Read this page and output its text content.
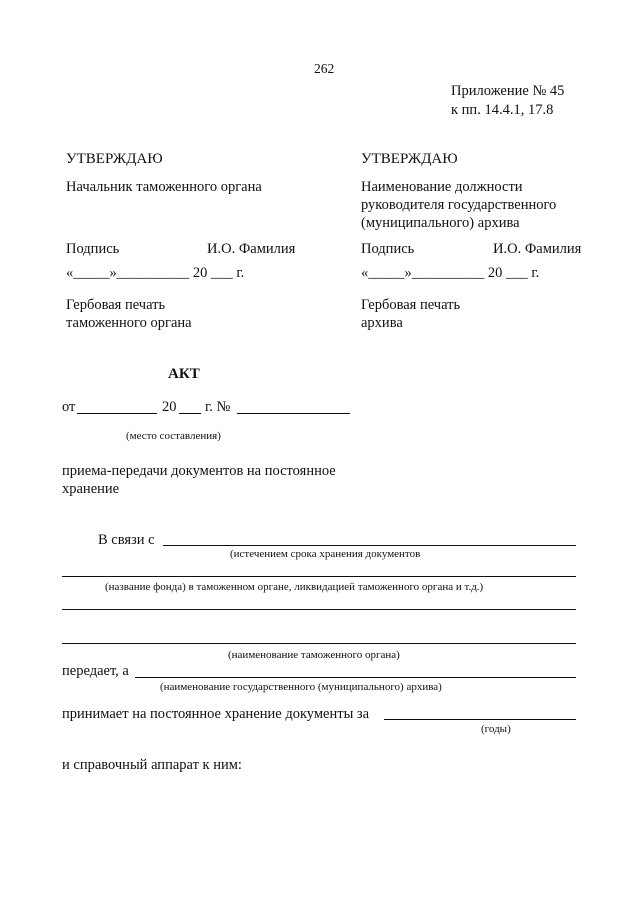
262
Приложение № 45
к пп. 14.4.1, 17.8
УТВЕРЖДАЮ
Начальник таможенного органа
Подпись	И.О. Фамилия
«_____»__________ 20 ___ г.
Гербовая печать
таможенного органа
УТВЕРЖДАЮ
Наименование должности
руководителя государственного
(муниципального) архива
Подпись	И.О. Фамилия
«_____»__________ 20 ___ г.
Гербовая печать
архива
АКТ
от	20 г. №
(место составления)
приема-передачи документов на постоянное
хранение
В связи с
(истечением срока хранения документов
(название фонда) в таможенном органе, ликвидацией таможенного органа и т.д.)
(наименование таможенного органа)
передает, а
(наименование государственного (муниципального) архива)
принимает на постоянное хранение документы за
(годы)
и справочный аппарат к ним:
